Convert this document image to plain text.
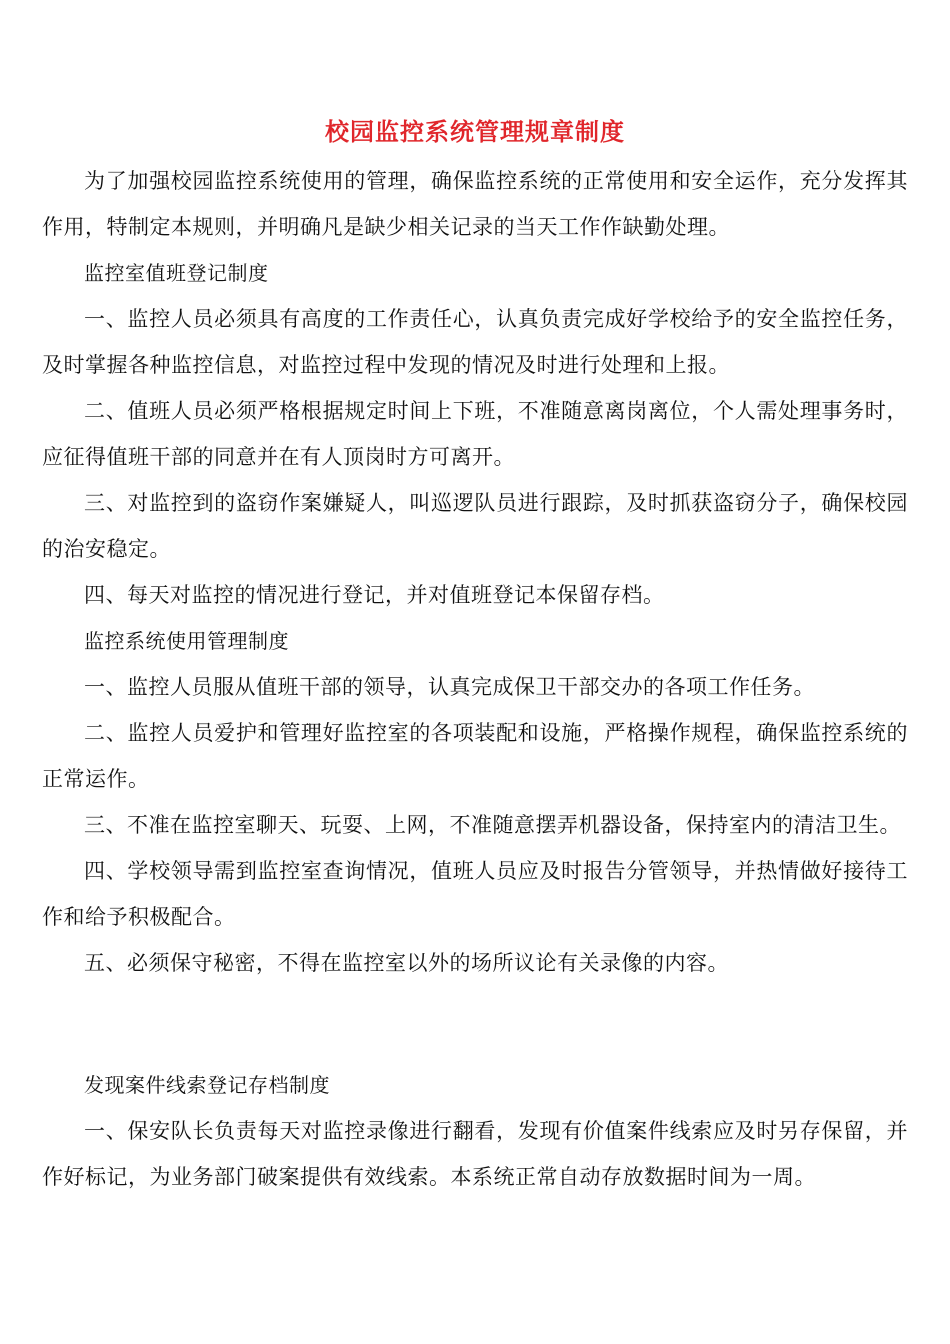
校园监控系统管理规章制度

为了加强校园监控系统使用的管理，确保监控系统的正常使用和安全运作，充分发挥其作用，特制定本规则，并明确凡是缺少相关记录的当天工作作缺勤处理。

监控室值班登记制度

一、监控人员必须具有高度的工作责任心，认真负责完成好学校给予的安全监控任务，及时掌握各种监控信息，对监控过程中发现的情况及时进行处理和上报。

二、值班人员必须严格根据规定时间上下班，不准随意离岗离位，个人需处理事务时，应征得值班干部的同意并在有人顶岗时方可离开。

三、对监控到的盗窃作案嫌疑人，叫巡逻队员进行跟踪，及时抓获盗窃分子，确保校园的治安稳定。

四、每天对监控的情况进行登记，并对值班登记本保留存档。

监控系统使用管理制度

一、监控人员服从值班干部的领导，认真完成保卫干部交办的各项工作任务。

二、监控人员爱护和管理好监控室的各项装配和设施，严格操作规程，确保监控系统的正常运作。

三、不准在监控室聊天、玩耍、上网，不准随意摆弄机器设备，保持室内的清洁卫生。

四、学校领导需到监控室查询情况，值班人员应及时报告分管领导，并热情做好接待工作和给予积极配合。

五、必须保守秘密，不得在监控室以外的场所议论有关录像的内容。

发现案件线索登记存档制度

一、保安队长负责每天对监控录像进行翻看，发现有价值案件线索应及时另存保留，并作好标记，为业务部门破案提供有效线索。本系统正常自动存放数据时间为一周。
